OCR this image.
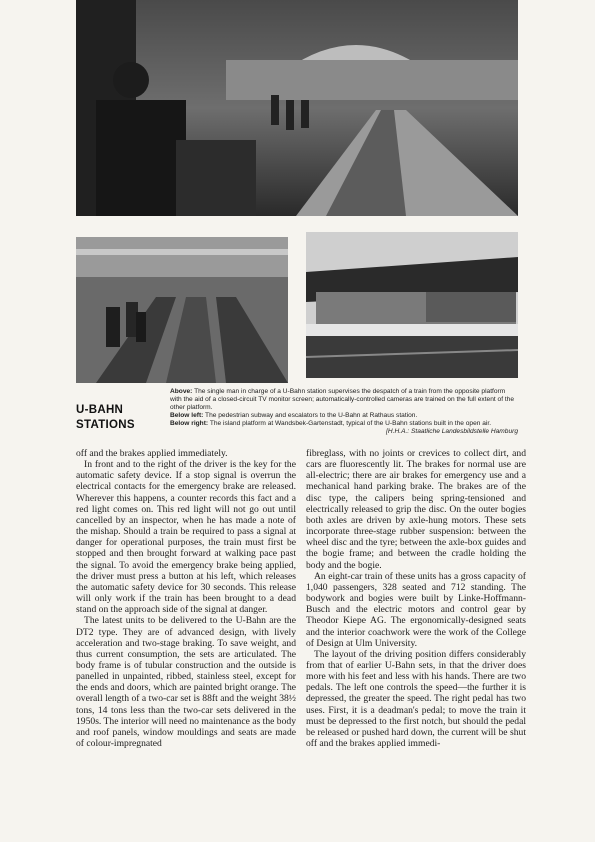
U-BAHN
STATIONS

Above: The single man in charge of a U-Bahn station supervises the despatch of a train from the opposite platform with the aid of a closed-circuit TV monitor screen; automatically-controlled cameras are trained on the full extent of the other platform.

Below left: The pedestrian subway and escalators to the U-Bahn at Rathaus station.

Below right: The island platform at Wandsbek-Gartenstadt, typical of the U-Bahn stations built in the open air.

[H.H.A.: Staatliche Landesbildstelle Hamburg

off and the brakes applied immediately.

In front and to the right of the driver is the key for the automatic safety device. If a stop signal is overrun the electrical contacts for the emergency brake are released. Wherever this happens, a counter records this fact and a red light comes on. This red light will not go out until cancelled by an inspector, when he has made a note of the mishap. Should a train be required to pass a signal at danger for operational purposes, the train must first be stopped and then brought forward at walking pace past the signal. To avoid the emergency brake being applied, the driver must press a button at his left, which releases the automatic safety device for 30 seconds. This release will only work if the train has been brought to a dead stand on the approach side of the signal at danger.

The latest units to be delivered to the U-Bahn are the DT2 type. They are of advanced design, with lively acceleration and two-stage braking. To save weight, and thus current consumption, the sets are articulated. The body frame is of tubular construction and the outside is panelled in unpainted, ribbed, stainless steel, except for the ends and doors, which are painted bright orange. The overall length of a two-car set is 88ft and the weight 38½ tons, 14 tons less than the two-car sets delivered in the 1950s. The interior will need no maintenance as the body and roof panels, window mouldings and seats are made of colour-impregnated

fibreglass, with no joints or crevices to collect dirt, and cars are fluorescently lit. The brakes for normal use are all-electric; there are air brakes for emergency use and a mechanical hand parking brake. The brakes are of the disc type, the calipers being spring-tensioned and electrically released to grip the disc. On the outer bogies both axles are driven by axle-hung motors. These sets incorporate three-stage rubber suspension: between the wheel disc and the tyre; between the axle-box guides and the bogie frame; and between the cradle holding the body and the bogie.

An eight-car train of these units has a gross capacity of 1,040 passengers, 328 seated and 712 standing. The bodywork and bogies were built by Linke-Hoffmann-Busch and the electric motors and control gear by Theodor Kiepe AG. The ergonomically-designed seats and the interior coachwork were the work of the College of Design at Ulm University.

The layout of the driving position differs considerably from that of earlier U-Bahn sets, in that the driver does more with his feet and less with his hands. There are two pedals. The left one controls the speed—the further it is depressed, the greater the speed. The right pedal has two uses. First, it is a deadman's pedal; to move the train it must be depressed to the first notch, but should the pedal be released or pushed hard down, the current will be shut off and the brakes applied immedi-
